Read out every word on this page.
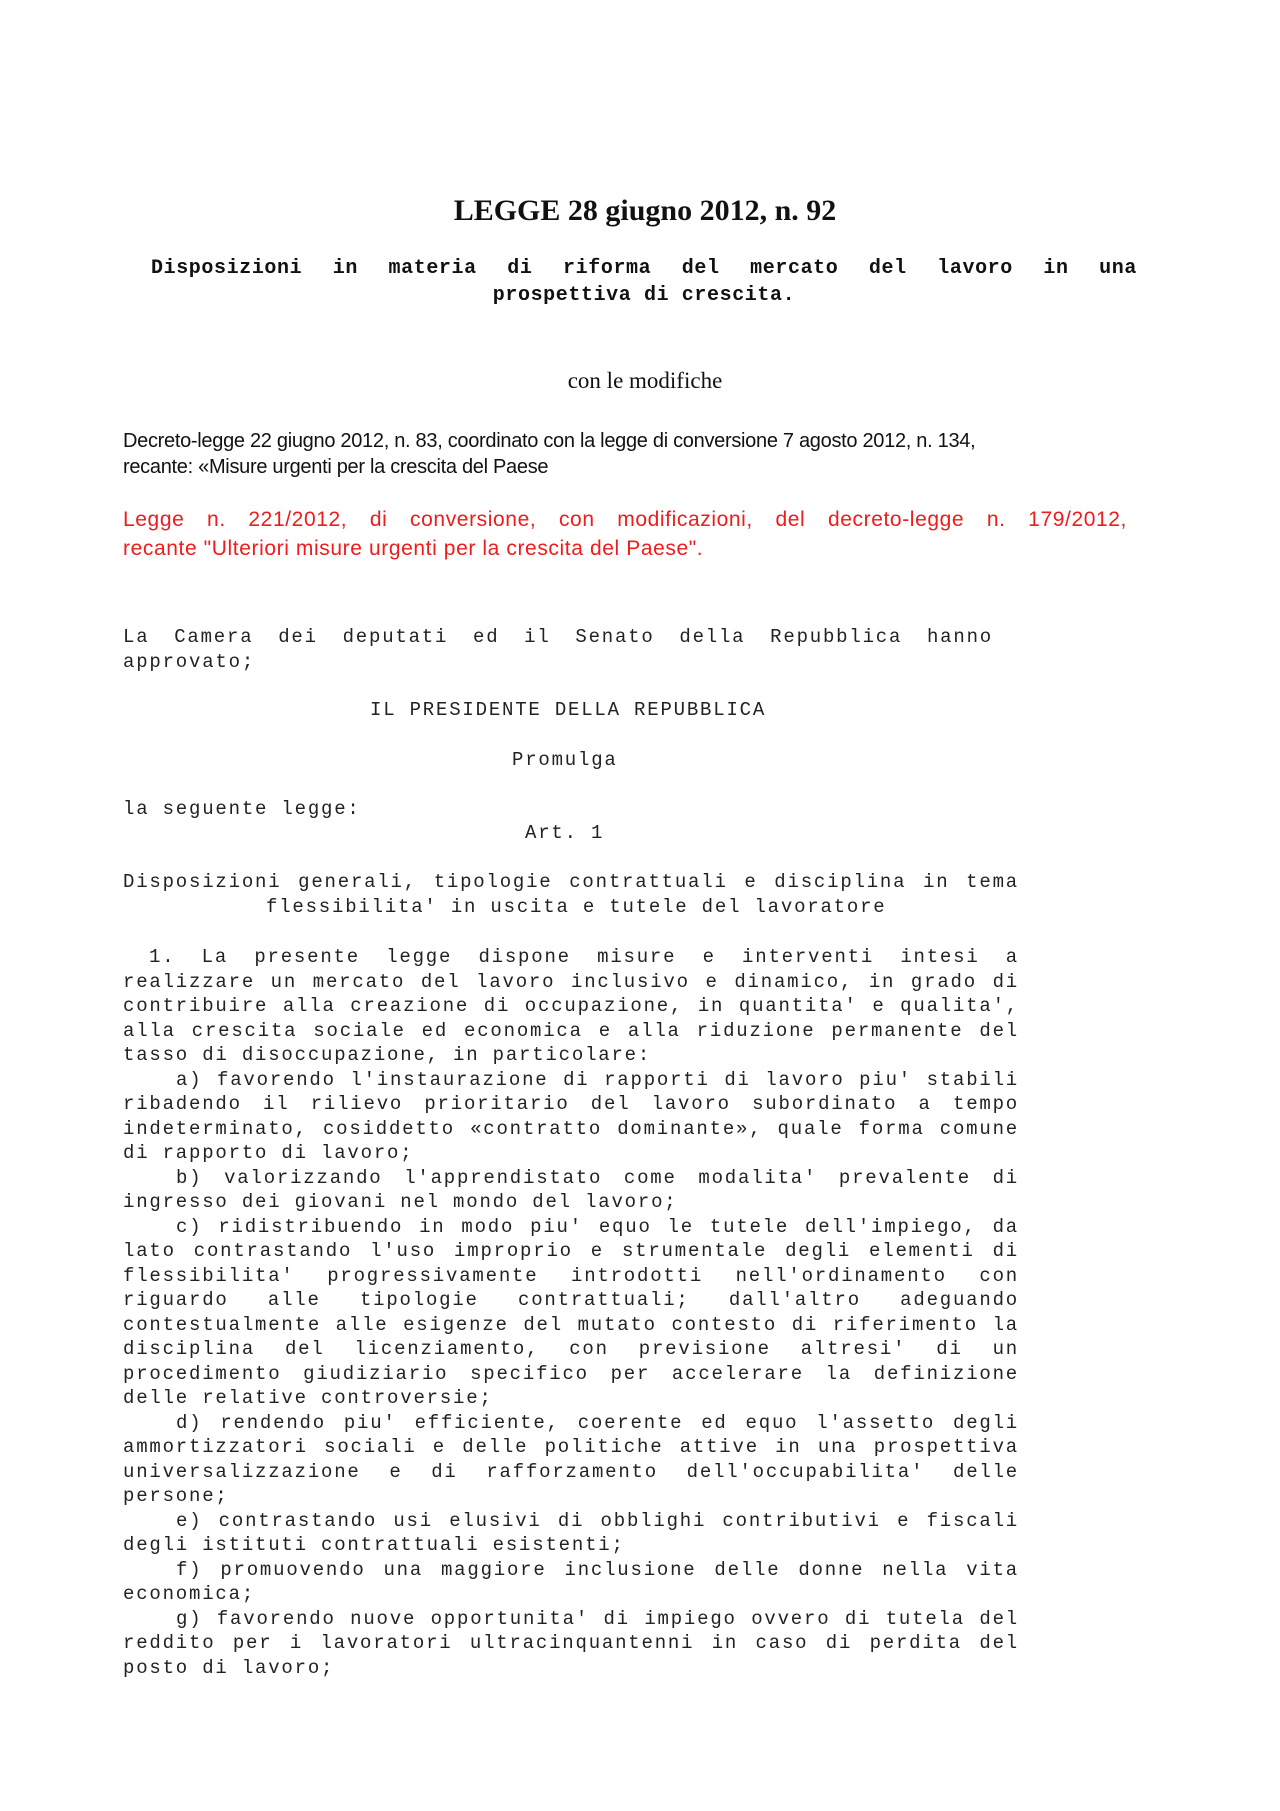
LEGGE 28 giugno 2012, n. 92
Disposizioni in materia di riforma del mercato del lavoro in una
prospettiva di crescita.
con le modifiche
Decreto-legge 22 giugno 2012, n. 83, coordinato con la legge di conversione 7 agosto 2012, n. 134,
recante: «Misure urgenti per la crescita del Paese
Legge n. 221/2012, di conversione, con modificazioni, del decreto-legge n. 179/2012,
recante "Ulteriori misure urgenti per la crescita del Paese".
La Camera dei deputati ed il Senato della Repubblica hanno
approvato;
IL PRESIDENTE DELLA REPUBBLICA
Promulga
la seguente legge:
Art. 1
Disposizioni generali, tipologie contrattuali e disciplina in tema
flessibilita' in uscita e tutele del lavoratore
1. La presente legge dispone misure e interventi intesi a
realizzare un mercato del lavoro inclusivo e dinamico, in grado di
contribuire alla creazione di occupazione, in quantita' e qualita',
alla crescita sociale ed economica e alla riduzione permanente del
tasso di disoccupazione, in particolare:
a) favorendo l'instaurazione di rapporti di lavoro piu' stabili
ribadendo il rilievo prioritario del lavoro subordinato a tempo
indeterminato, cosiddetto «contratto dominante», quale forma comune
di rapporto di lavoro;
b) valorizzando l'apprendistato come modalita' prevalente di
ingresso dei giovani nel mondo del lavoro;
c) ridistribuendo in modo piu' equo le tutele dell'impiego, da
lato contrastando l'uso improprio e strumentale degli elementi di
flessibilita' progressivamente introdotti nell'ordinamento con
riguardo alle tipologie contrattuali; dall'altro adeguando
contestualmente alle esigenze del mutato contesto di riferimento la
disciplina del licenziamento, con previsione altresi' di un
procedimento giudiziario specifico per accelerare la definizione
delle relative controversie;
d) rendendo piu' efficiente, coerente ed equo l'assetto degli
ammortizzatori sociali e delle politiche attive in una prospettiva
universalizzazione e di rafforzamento dell'occupabilita' delle
persone;
e) contrastando usi elusivi di obblighi contributivi e fiscali
degli istituti contrattuali esistenti;
f) promuovendo una maggiore inclusione delle donne nella vita
economica;
g) favorendo nuove opportunita' di impiego ovvero di tutela del
reddito per i lavoratori ultracinquantenni in caso di perdita del
posto di lavoro;
